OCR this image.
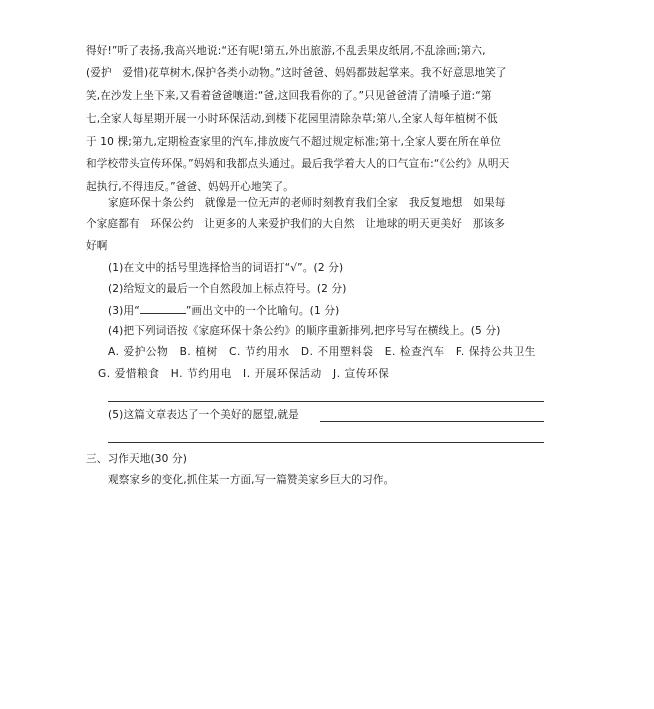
得好!”听了表扬,我高兴地说:“还有呢!第五,外出旅游,不乱丢果皮纸屑,不乱涂画;第六,
(爱护　爱惜)花草树木,保护各类小动物。”这时爸爸、妈妈都鼓起掌来。我不好意思地笑了
笑,在沙发上坐下来,又看着爸爸嚷道:“爸,这回我看你的了。”只见爸爸清了清嗓子道:“第
七,全家人每星期开展一小时环保活动,到楼下花园里清除杂草;第八,全家人每年植树不低
于 10 棵;第九,定期检查家里的汽车,排放废气不超过规定标准;第十,全家人要在所在单位
和学校带头宣传环保。”妈妈和我都点头通过。最后我学着大人的口气宣布:“《公约》从明天
起执行,不得违反。”爸爸、妈妈开心地笑了。
家庭环保十条公约　就像是一位无声的老师时刻教育我们全家　我反复地想　如果每
个家庭都有　环保公约　让更多的人来爱护我们的大自然　让地球的明天更美好　那该多
好啊
(1)在文中的括号里选择恰当的词语打“√”。(2 分)
(2)给短文的最后一个自然段加上标点符号。(2 分)
(3)用“	”画出文中的一个比喻句。(1 分)
(4)把下列词语按《家庭环保十条公约》的顺序重新排列,把序号写在横线上。(5 分)
A. 爱护公物　B. 植树　C. 节约用水　D. 不用塑料袋　E. 检查汽车　F. 保持公共卫生
G. 爱惜粮食　H. 节约用电　I. 开展环保活动　J. 宣传环保
(5)这篇文章表达了一个美好的愿望,就是
三、习作天地(30 分)
观察家乡的变化,抓住某一方面,写一篇赞美家乡巨大的习作。
